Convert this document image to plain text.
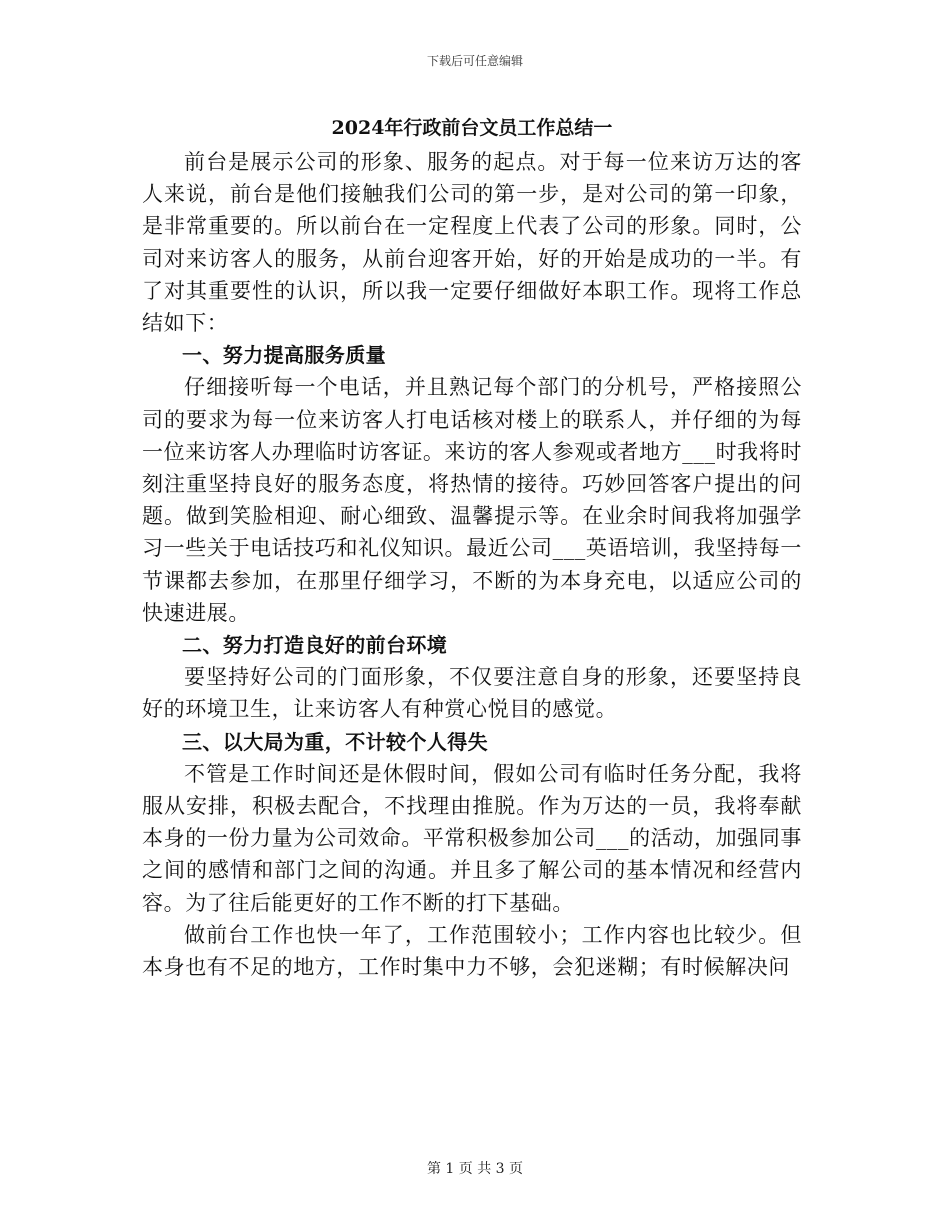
下载后可任意编辑
2024年行政前台文员工作总结一

前台是展示公司的形象、服务的起点。对于每一位来访万达的客人来说，前台是他们接触我们公司的第一步，是对公司的第一印象，是非常重要的。所以前台在一定程度上代表了公司的形象。同时，公司对来访客人的服务，从前台迎客开始，好的开始是成功的一半。有了对其重要性的认识，所以我一定要仔细做好本职工作。现将工作总结如下：

一、努力提高服务质量

仔细接听每一个电话，并且熟记每个部门的分机号，严格接照公司的要求为每一位来访客人打电话核对楼上的联系人，并仔细的为每一位来访客人办理临时访客证。来访的客人参观或者地方___时我将时刻注重坚持良好的服务态度，将热情的接待。巧妙回答客户提出的问题。做到笑脸相迎、耐心细致、温馨提示等。在业余时间我将加强学习一些关于电话技巧和礼仪知识。最近公司___英语培训，我坚持每一节课都去参加，在那里仔细学习，不断的为本身充电，以适应公司的快速进展。

二、努力打造良好的前台环境

要坚持好公司的门面形象，不仅要注意自身的形象，还要坚持良好的环境卫生，让来访客人有种赏心悦目的感觉。

三、以大局为重，不计较个人得失

不管是工作时间还是休假时间，假如公司有临时任务分配，我将服从安排，积极去配合，不找理由推脱。作为万达的一员，我将奉献本身的一份力量为公司效命。平常积极参加公司___的活动，加强同事之间的感情和部门之间的沟通。并且多了解公司的基本情况和经营内容。为了往后能更好的工作不断的打下基础。

做前台工作也快一年了，工作范围较小；工作内容也比较少。但本身也有不足的地方，工作时集中力不够，会犯迷糊；有时候解决问

第 1 页 共 3 页
